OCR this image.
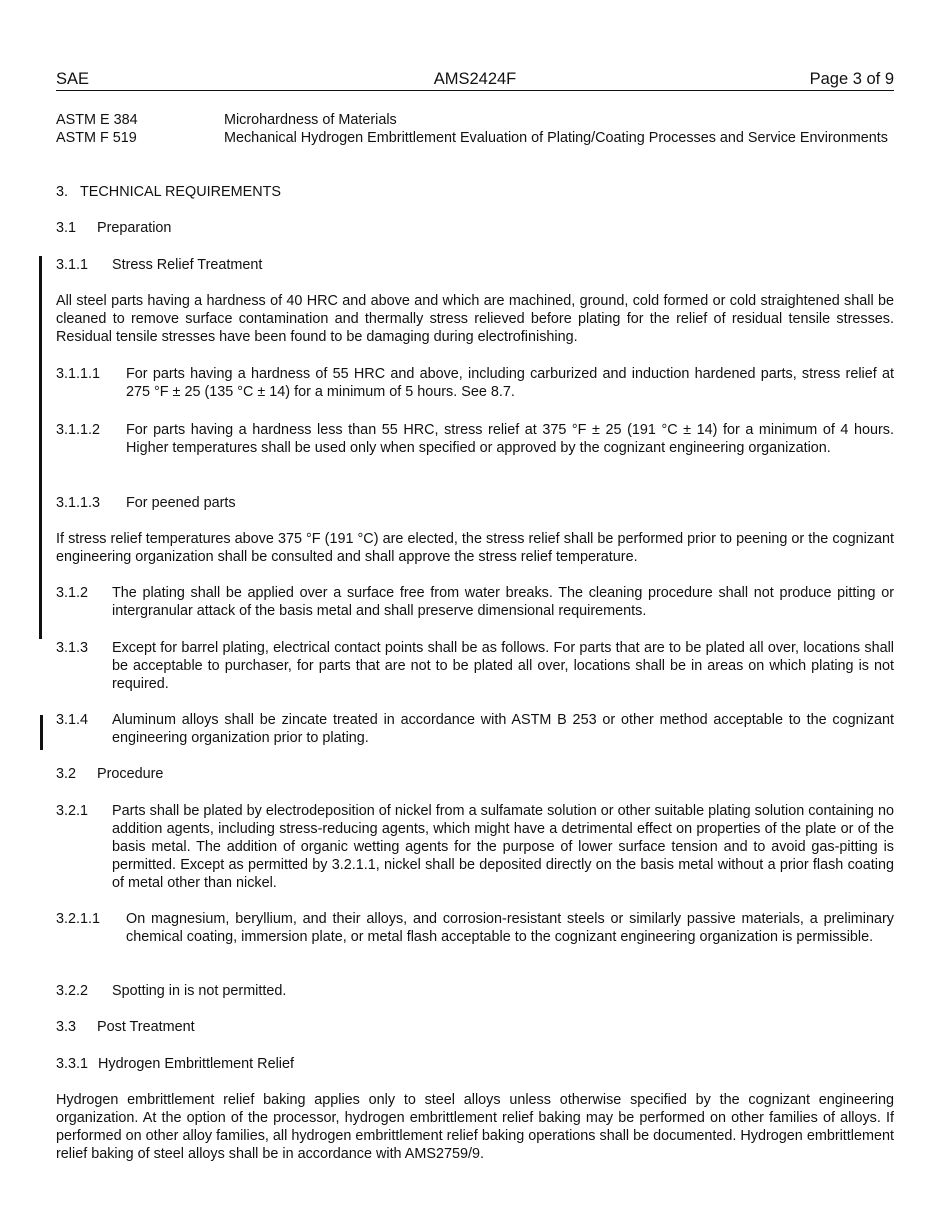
SAE	AMS2424F	Page 3 of 9
ASTM E 384	Microhardness of Materials
ASTM F 519	Mechanical Hydrogen Embrittlement Evaluation of Plating/Coating Processes and Service Environments
3. TECHNICAL REQUIREMENTS
3.1 Preparation
3.1.1 Stress Relief Treatment
All steel parts having a hardness of 40 HRC and above and which are machined, ground, cold formed or cold straightened shall be cleaned to remove surface contamination and thermally stress relieved before plating for the relief of residual tensile stresses. Residual tensile stresses have been found to be damaging during electrofinishing.
3.1.1.1 For parts having a hardness of 55 HRC and above, including carburized and induction hardened parts, stress relief at 275 °F ± 25 (135 °C ± 14) for a minimum of 5 hours. See 8.7.
3.1.1.2 For parts having a hardness less than 55 HRC, stress relief at 375 °F ± 25 (191 °C ± 14) for a minimum of 4 hours. Higher temperatures shall be used only when specified or approved by the cognizant engineering organization.
3.1.1.3 For peened parts
If stress relief temperatures above 375 °F (191 °C) are elected, the stress relief shall be performed prior to peening or the cognizant engineering organization shall be consulted and shall approve the stress relief temperature.
3.1.2 The plating shall be applied over a surface free from water breaks. The cleaning procedure shall not produce pitting or intergranular attack of the basis metal and shall preserve dimensional requirements.
3.1.3 Except for barrel plating, electrical contact points shall be as follows. For parts that are to be plated all over, locations shall be acceptable to purchaser, for parts that are not to be plated all over, locations shall be in areas on which plating is not required.
3.1.4 Aluminum alloys shall be zincate treated in accordance with ASTM B 253 or other method acceptable to the cognizant engineering organization prior to plating.
3.2 Procedure
3.2.1 Parts shall be plated by electrodeposition of nickel from a sulfamate solution or other suitable plating solution containing no addition agents, including stress-reducing agents, which might have a detrimental effect on properties of the plate or of the basis metal. The addition of organic wetting agents for the purpose of lower surface tension and to avoid gas-pitting is permitted. Except as permitted by 3.2.1.1, nickel shall be deposited directly on the basis metal without a prior flash coating of metal other than nickel.
3.2.1.1 On magnesium, beryllium, and their alloys, and corrosion-resistant steels or similarly passive materials, a preliminary chemical coating, immersion plate, or metal flash acceptable to the cognizant engineering organization is permissible.
3.2.2 Spotting in is not permitted.
3.3 Post Treatment
3.3.1 Hydrogen Embrittlement Relief
Hydrogen embrittlement relief baking applies only to steel alloys unless otherwise specified by the cognizant engineering organization. At the option of the processor, hydrogen embrittlement relief baking may be performed on other families of alloys. If performed on other alloy families, all hydrogen embrittlement relief baking operations shall be documented. Hydrogen embrittlement relief baking of steel alloys shall be in accordance with AMS2759/9.
